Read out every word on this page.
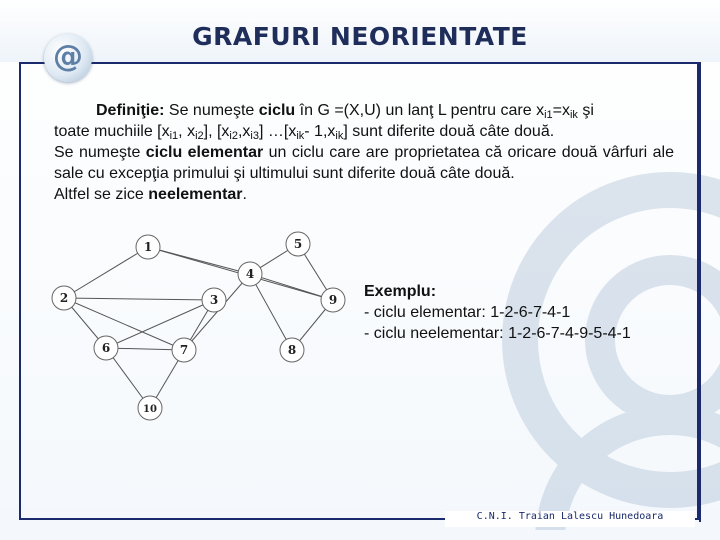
@
GRAFURI NEORIENTATE

Definiţie: Se numeşte ciclu în G =(X,U) un lanţ L pentru care $x_{i1}=x_{ik}$ şi
toate muchiile [$x_{i1}$, $x_{i2}$], $[x_{i2},x_{i3}]$ $\dots[x_{ik}-$ $1,x_{ik}$] sunt diferite două câte două.
Se numeşte ciclu elementar un ciclu care are proprietatea că oricare două vârfuri ale sale cu excepţia primului şi ultimului sunt diferite două câte două.
Altfel se zice neelementar.

1
2	3
4
5
6	7	8
9
10
Exemplu:
- ciclu elementar: 1-2-6-7-4-1
- ciclu neelementar: 1-2-6-7-4-9-5-4-1
C.N.I. Traian Lalescu Hunedoara
